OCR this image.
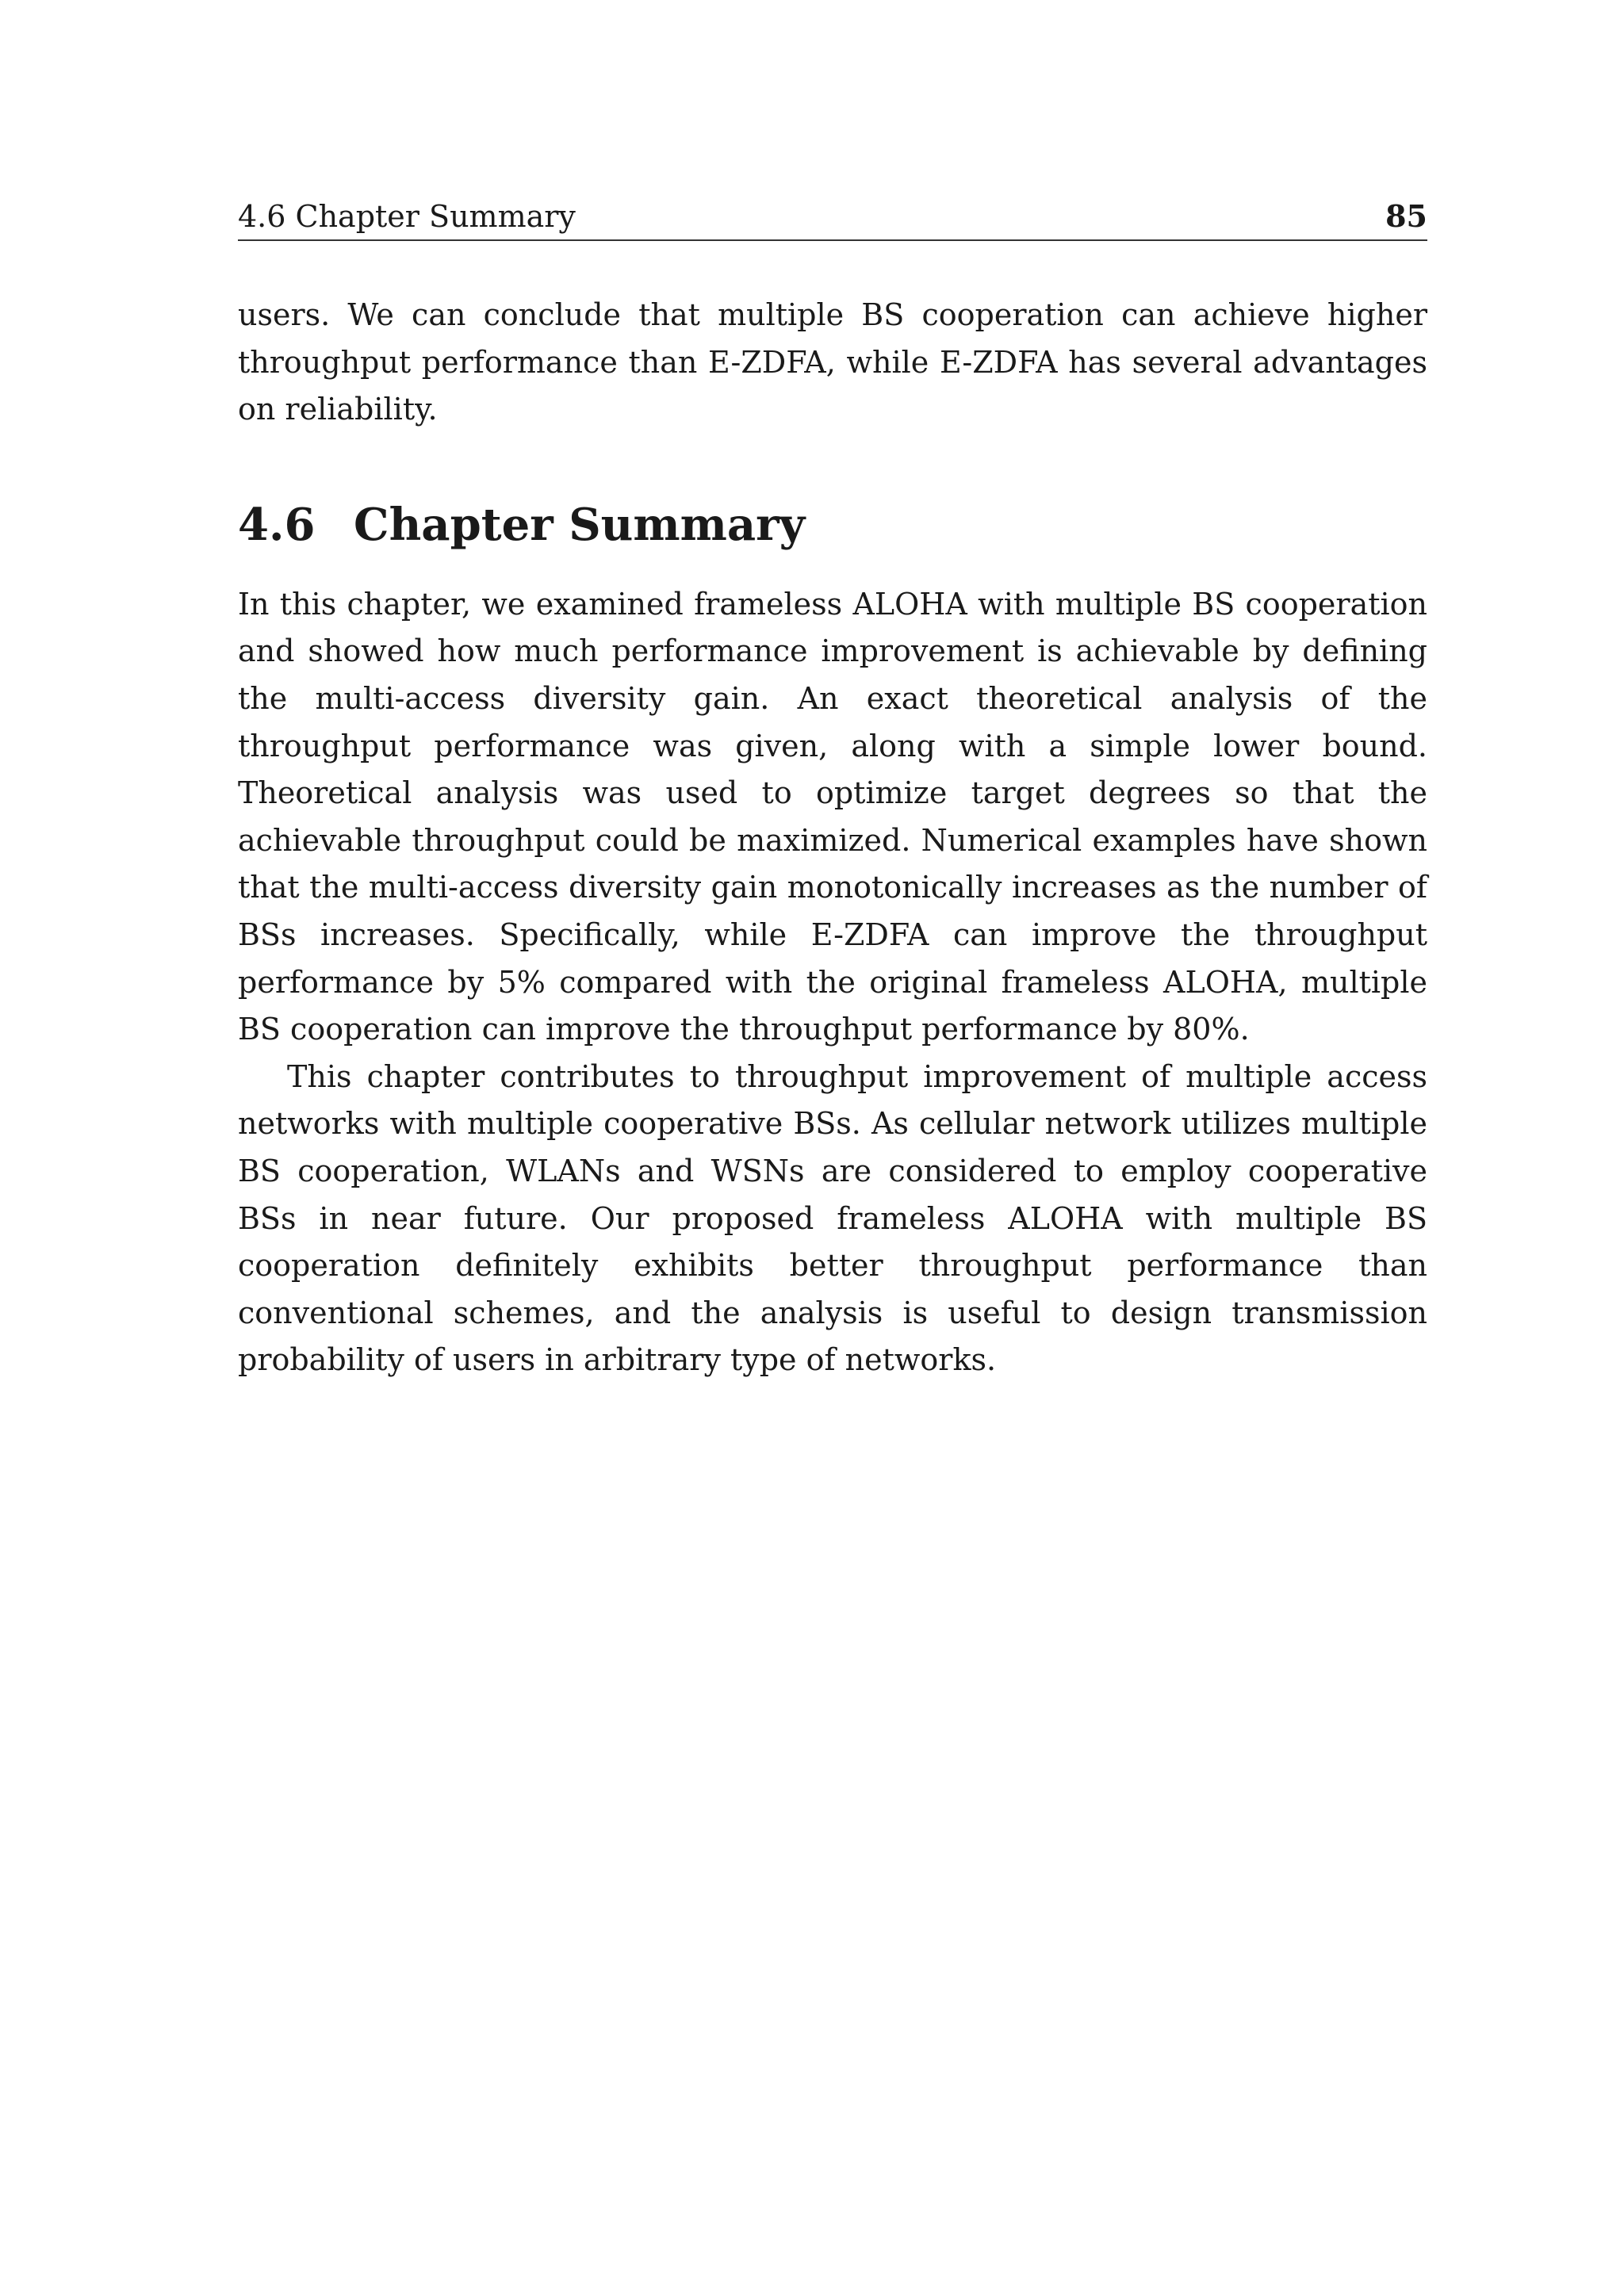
4.6 Chapter Summary	85

users. We can conclude that multiple BS cooperation can achieve higher throughput performance than E-ZDFA, while E-ZDFA has several advantages on reliability.

4.6 Chapter Summary

In this chapter, we examined frameless ALOHA with multiple BS cooperation and showed how much performance improvement is achievable by defining the multi-access diversity gain. An exact theoretical analysis of the throughput performance was given, along with a simple lower bound. Theoretical analysis was used to optimize target degrees so that the achievable throughput could be maximized. Numerical examples have shown that the multi-access diversity gain monotonically increases as the number of BSs increases. Specifically, while E-ZDFA can improve the throughput performance by 5% compared with the original frameless ALOHA, multiple BS cooperation can improve the throughput performance by 80%.

This chapter contributes to throughput improvement of multiple access networks with multiple cooperative BSs. As cellular network utilizes multiple BS cooperation, WLANs and WSNs are considered to employ cooperative BSs in near future. Our proposed frameless ALOHA with multiple BS cooperation definitely exhibits better throughput performance than conventional schemes, and the analysis is useful to design transmission probability of users in arbitrary type of networks.
